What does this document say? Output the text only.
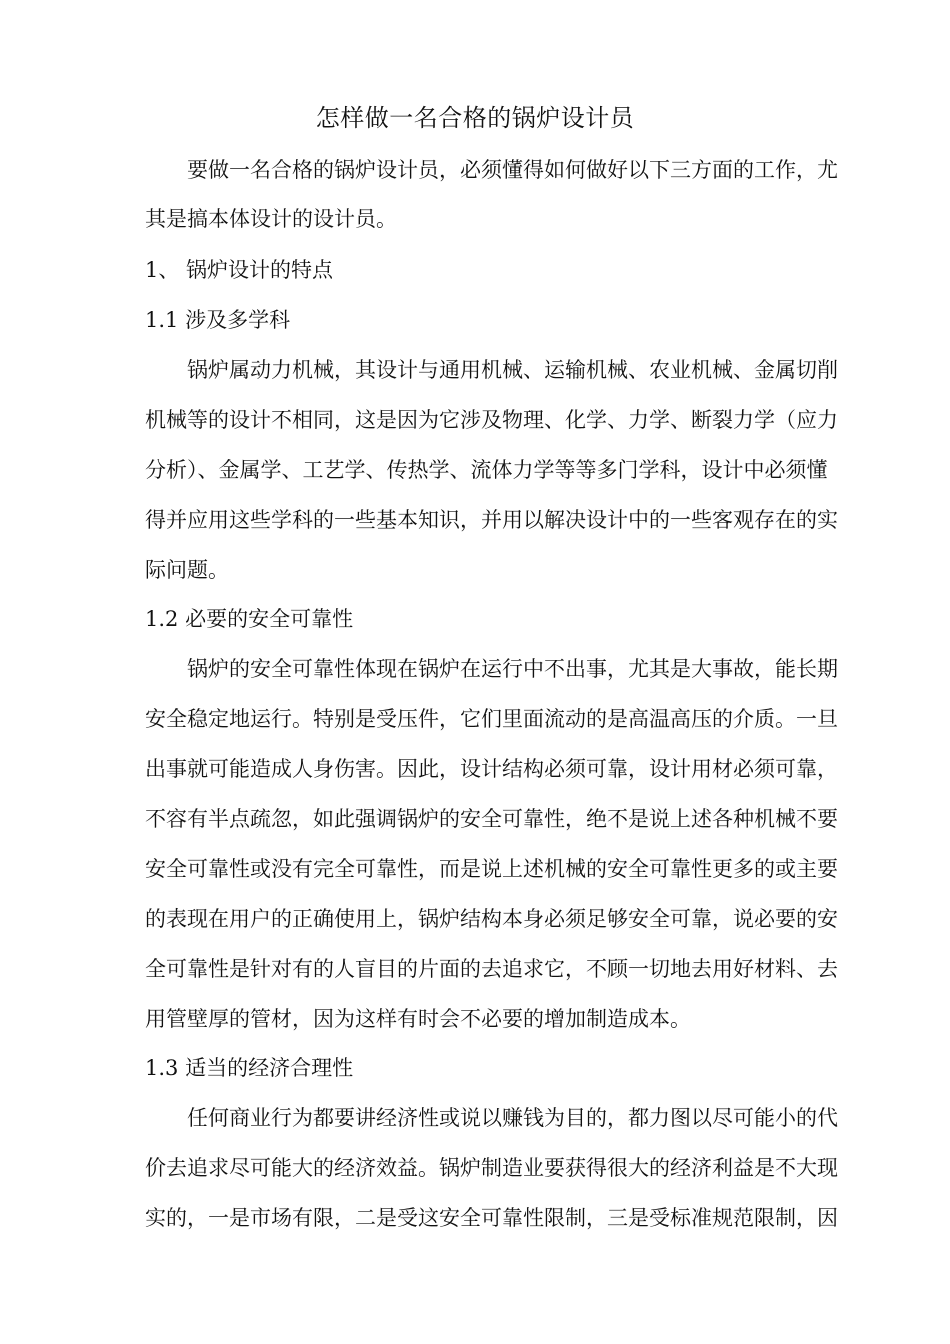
怎样做一名合格的锅炉设计员
要做一名合格的锅炉设计员，必须懂得如何做好以下三方面的工作，尤
其是搞本体设计的设计员。
1、 锅炉设计的特点
1.1 涉及多学科
锅炉属动力机械，其设计与通用机械、运输机械、农业机械、金属切削
机械等的设计不相同，这是因为它涉及物理、化学、力学、断裂力学（应力
分析）、金属学、工艺学、传热学、流体力学等等多门学科，设计中必须懂
得并应用这些学科的一些基本知识，并用以解决设计中的一些客观存在的实
际问题。
1.2 必要的安全可靠性
锅炉的安全可靠性体现在锅炉在运行中不出事，尤其是大事故，能长期
安全稳定地运行。特别是受压件，它们里面流动的是高温高压的介质。一旦
出事就可能造成人身伤害。因此，设计结构必须可靠，设计用材必须可靠，
不容有半点疏忽，如此强调锅炉的安全可靠性，绝不是说上述各种机械不要
安全可靠性或没有完全可靠性，而是说上述机械的安全可靠性更多的或主要
的表现在用户的正确使用上，锅炉结构本身必须足够安全可靠，说必要的安
全可靠性是针对有的人盲目的片面的去追求它，不顾一切地去用好材料、去
用管壁厚的管材，因为这样有时会不必要的增加制造成本。
1.3 适当的经济合理性
任何商业行为都要讲经济性或说以赚钱为目的，都力图以尽可能小的代
价去追求尽可能大的经济效益。锅炉制造业要获得很大的经济利益是不大现
实的，一是市场有限，二是受这安全可靠性限制，三是受标准规范限制，因
